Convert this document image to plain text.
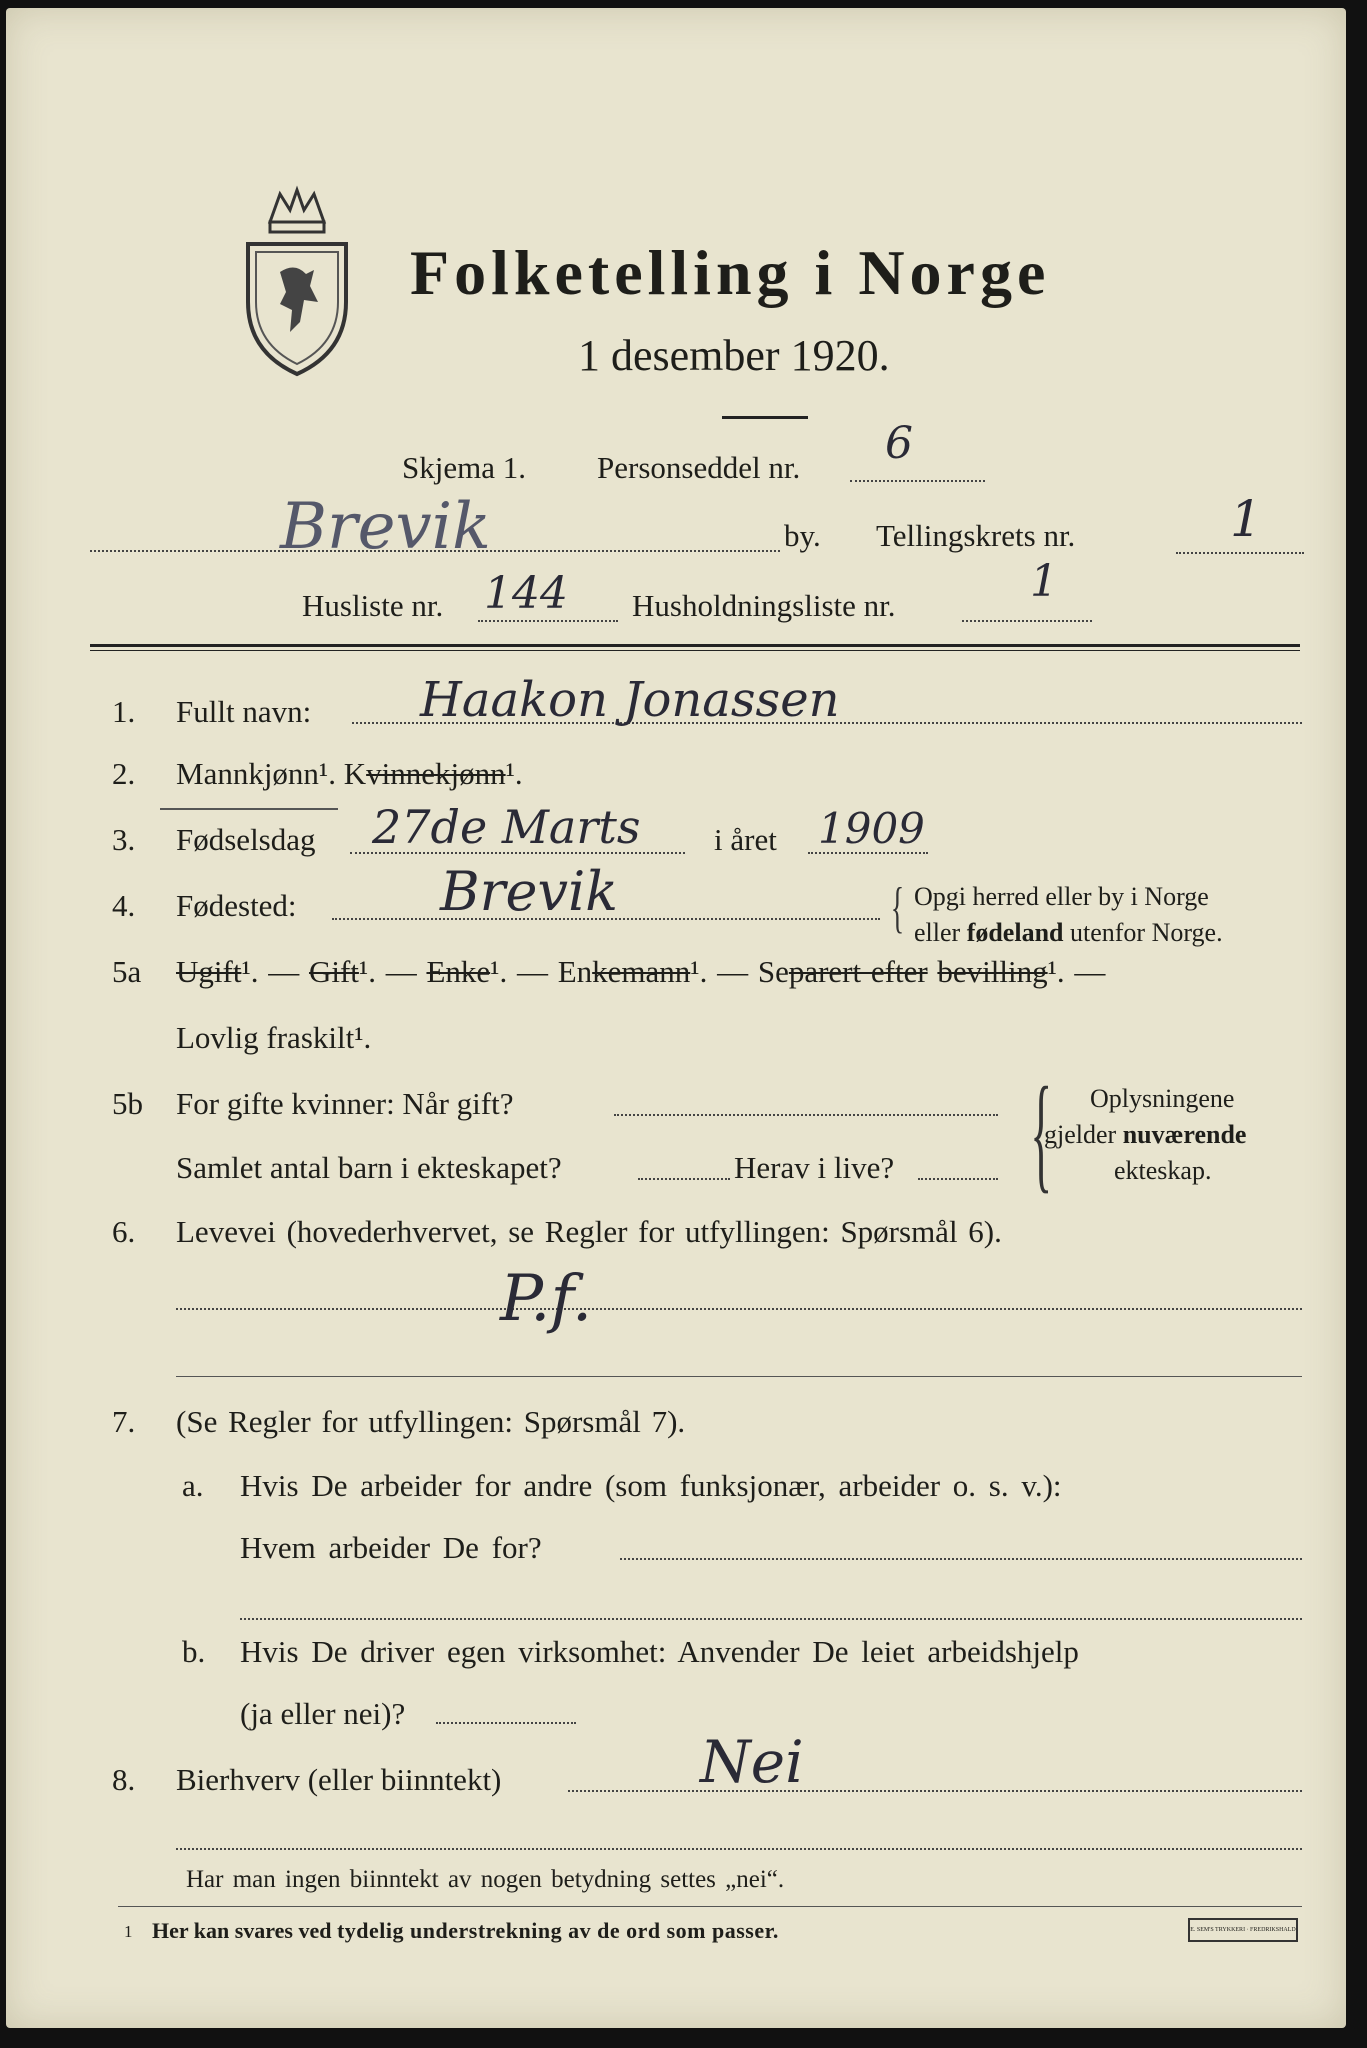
Folketelling i Norge
1 desember 1920.
Skjema 1. Personseddel nr. 6
Brevik	by. Tellingskrets nr.	1
Husliste nr. 144 Husholdningsliste nr.	1
1. Fullt navn: Haakon Jonassen
2. Mannkjønn¹. Kvinnekjønn¹.
3. Fødselsdag 27de Marts i året 1909
4. Fødested:	Brevik	{ Opgi herred eller by i Norge
eller fødeland utenfor Norge.
5a Ugift¹. — Gift¹. — Enke¹. — Enkemann¹. — Separert efter bevilling¹. —
Lovlig fraskilt¹.
5b For gifte kvinner: Når gift?
Samlet antal barn i ekteskapet?	Herav i live? { Oplysningene
gjelder nuværende
ekteskap.
6. Levevei (hovederhvervet, se Regler for utfyllingen: Spørsmål 6).
P.f.
7. (Se Regler for utfyllingen: Spørsmål 7).
a. Hvis De arbeider for andre (som funksjonær, arbeider o. s. v.):
Hvem arbeider De for?
b. Hvis De driver egen virksomhet: Anvender De leiet arbeidshjelp
(ja eller nei)?
8. Bierhverv (eller biinntekt)	Nei
Har man ingen biinntekt av nogen betydning settes „nei“.
1 Her kan svares ved tydelig understrekning av de ord som passer.	E. SEM'S TRYKKERI · FREDRIKSHALD
